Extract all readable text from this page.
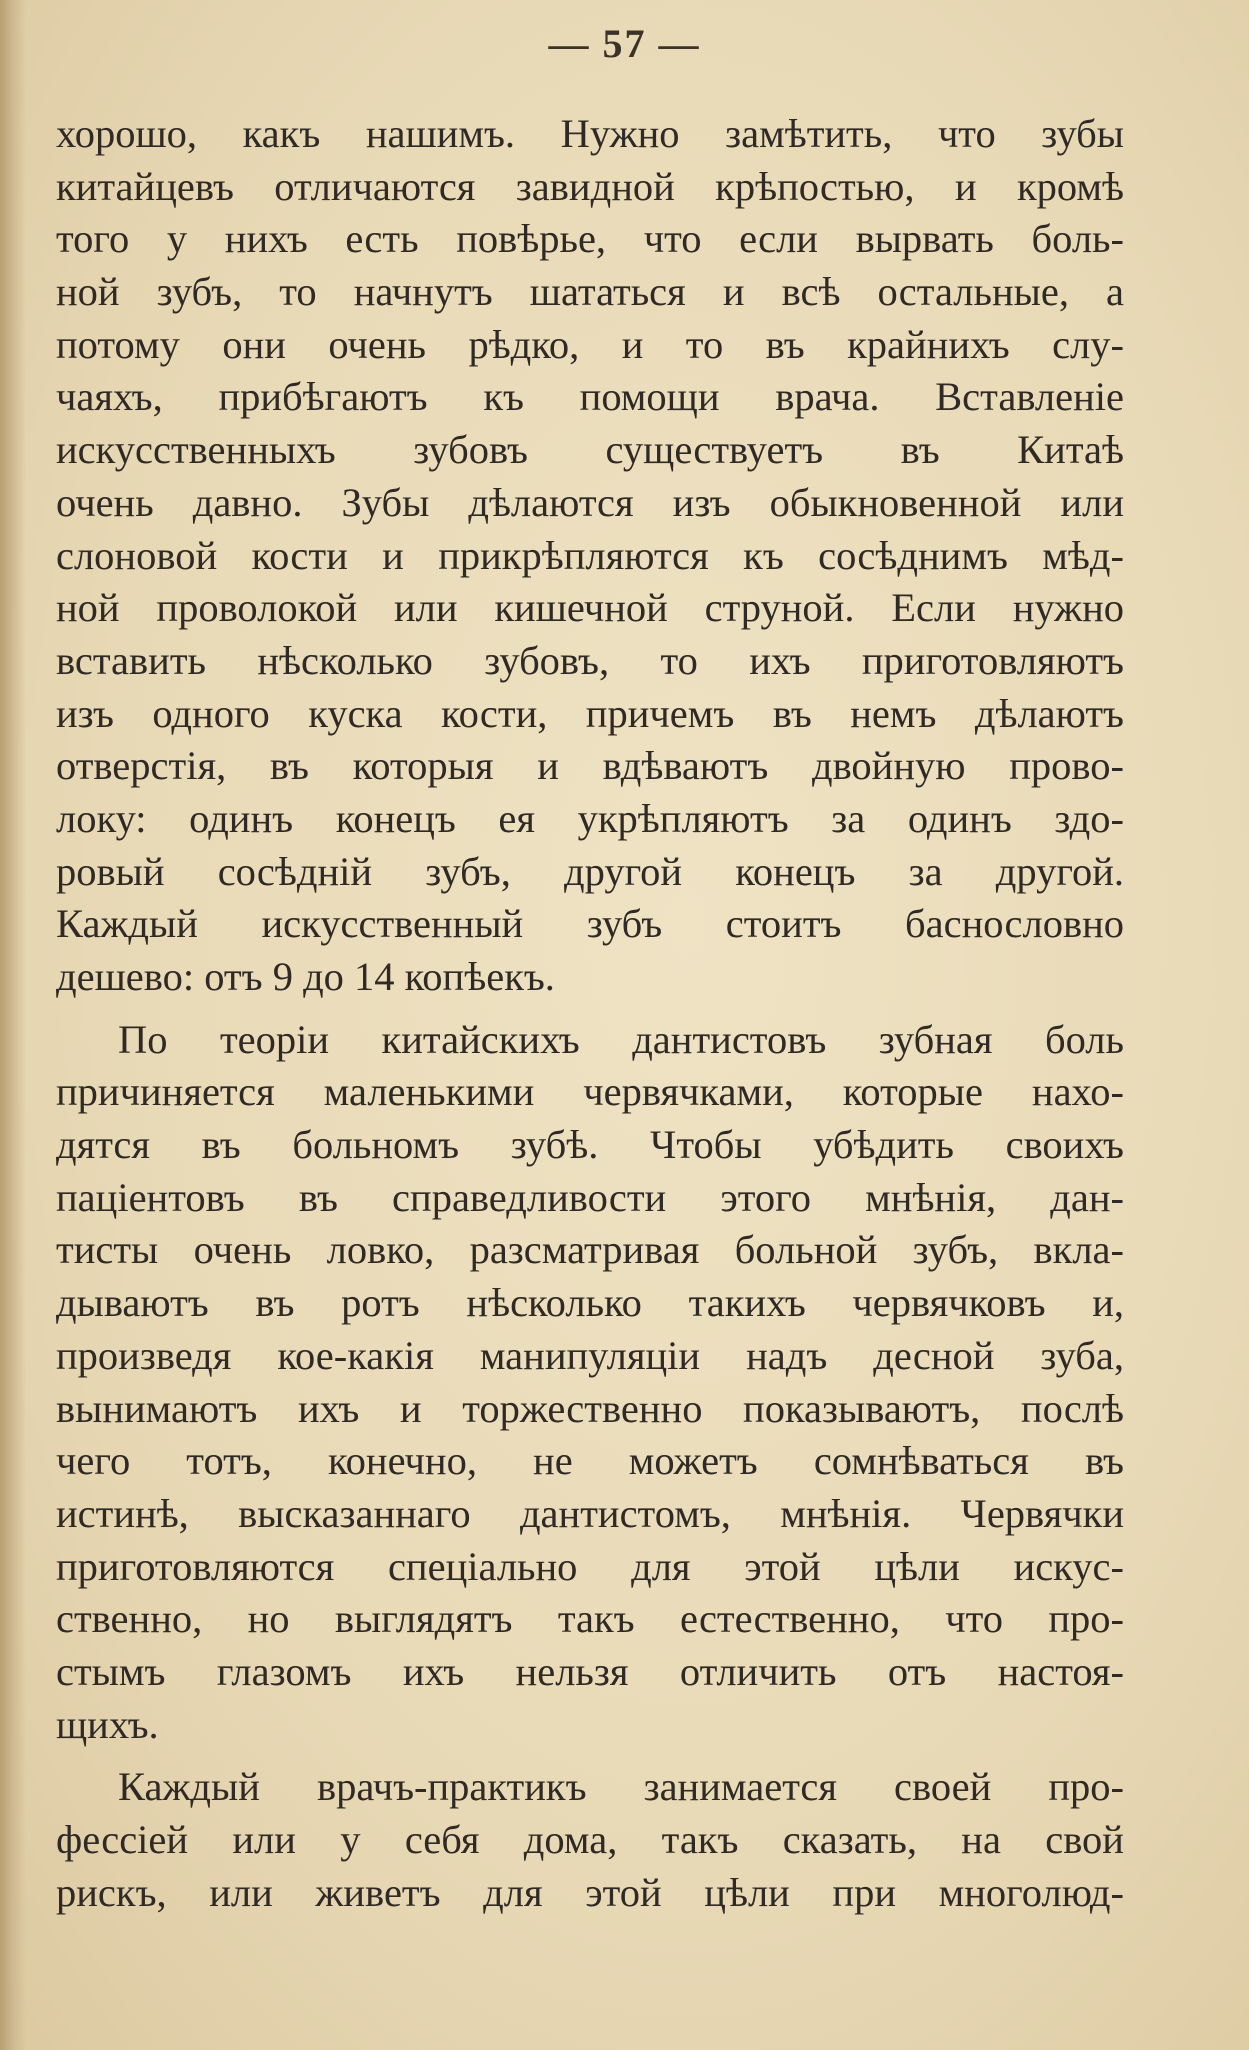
— 57 —
хорошо, какъ нашимъ. Нужно замѣтить, что зубы
китайцевъ отличаются завидной крѣпостью, и кромѣ
того у нихъ есть повѣрье, что если вырвать боль-
ной зубъ, то начнутъ шататься и всѣ остальные, а
потому они очень рѣдко, и то въ крайнихъ слу-
чаяхъ, прибѣгаютъ къ помощи врача. Вставленіе
искусственныхъ зубовъ существуетъ въ Китаѣ
очень давно. Зубы дѣлаются изъ обыкновенной или
слоновой кости и прикрѣпляются къ сосѣднимъ мѣд-
ной проволокой или кишечной струной. Если нужно
вставить нѣсколько зубовъ, то ихъ приготовляютъ
изъ одного куска кости, причемъ въ немъ дѣлаютъ
отверстія, въ которыя и вдѣваютъ двойную прово-
локу: одинъ конецъ ея укрѣпляютъ за одинъ здо-
ровый сосѣдній зубъ, другой конецъ за другой.
Каждый искусственный зубъ стоитъ баснословно
дешево: отъ 9 до 14 копѣекъ.
По теоріи китайскихъ дантистовъ зубная боль
причиняется маленькими червячками, которые нахо-
дятся въ больномъ зубѣ. Чтобы убѣдить своихъ
паціентовъ въ справедливости этого мнѣнія, дан-
тисты очень ловко, разсматривая больной зубъ, вкла-
дываютъ въ ротъ нѣсколько такихъ червячковъ и,
произведя кое-какія манипуляціи надъ десной зуба,
вынимаютъ ихъ и торжественно показываютъ, послѣ
чего тотъ, конечно, не можетъ сомнѣваться въ
истинѣ, высказаннаго дантистомъ, мнѣнія. Червячки
приготовляются спеціально для этой цѣли искус-
ственно, но выглядятъ такъ естественно, что про-
стымъ глазомъ ихъ нельзя отличить отъ настоя-
щихъ.
Каждый врачъ-практикъ занимается своей про-
фессіей или у себя дома, такъ сказать, на свой
рискъ, или живетъ для этой цѣли при многолюд-
